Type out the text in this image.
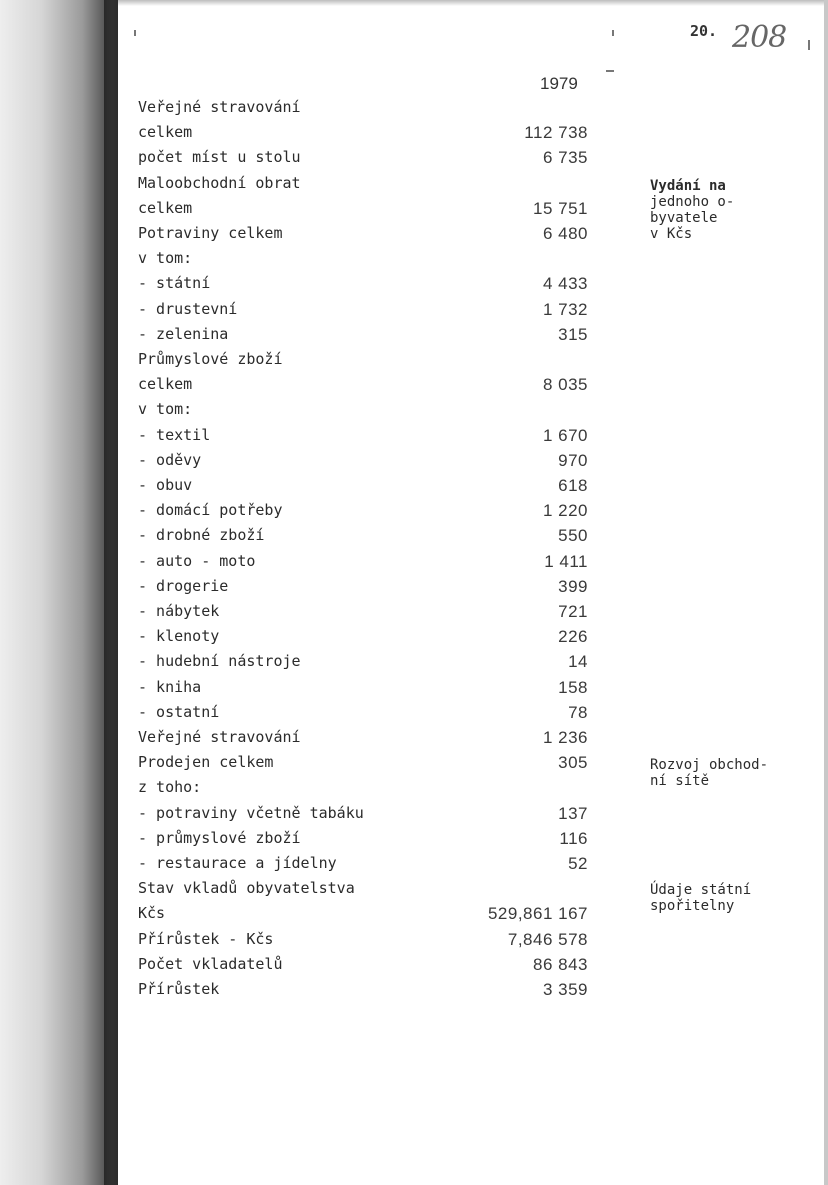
20. 208
1979
Veřejné stravování
celkem	112 738
počet míst u stolu	6 735
Maloobchodní obrat
celkem	15 751
Potraviny celkem	6 480
v tom:
- státní	4 433
- drustevní	1 732
- zelenina	315
Průmyslové zboží
celkem	8 035
v tom:
- textil	1 670
- oděvy	970
- obuv	618
- domácí potřeby	1 220
- drobné zboží	550
- auto - moto	1 411
- drogerie	399
- nábytek	721
- klenoty	226
- hudební nástroje	14
- kniha	158
- ostatní	78
Veřejné stravování	1 236
Prodejen celkem	305
z toho:
- potraviny včetně tabáku	137
- průmyslové zboží	116
- restaurace a jídelny	52
Stav vkladů obyvatelstva
Kčs	529,861 167
Přírůstek - Kčs	7,846 578
Počet vkladatelů	86 843
Přírůstek	3 359
Vydání na
jednoho o-
byvatele
v Kčs
Rozvoj obchod-
ní sítě
Údaje státní
spořitelny
